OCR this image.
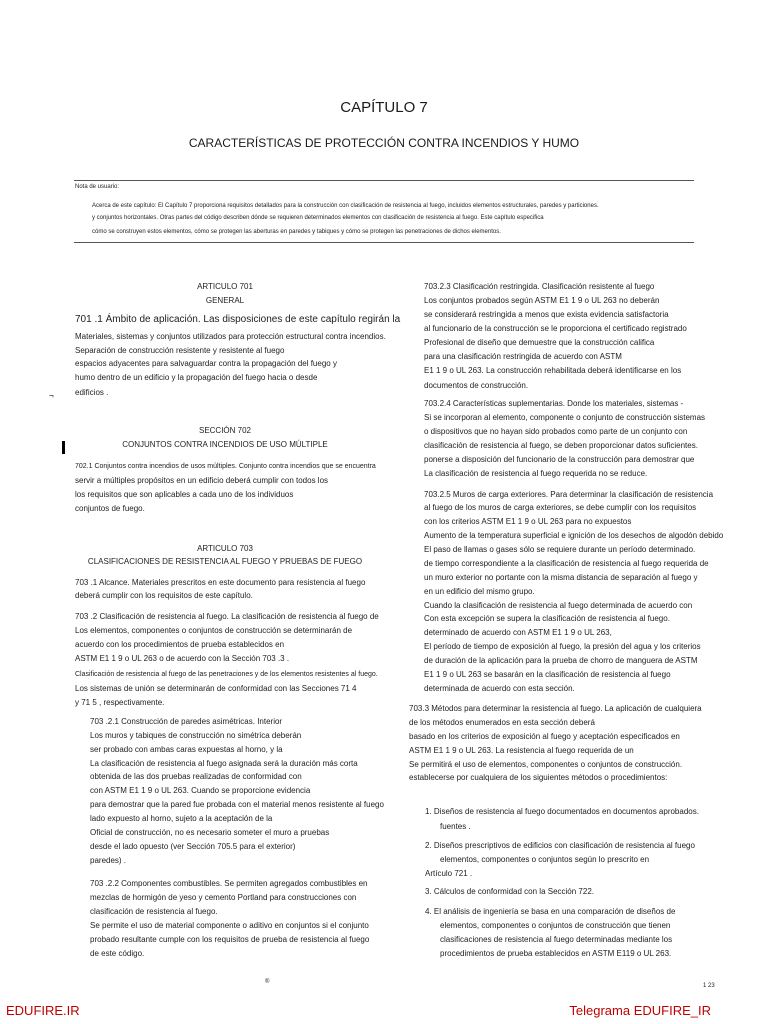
CAPÍTULO 7
CARACTERÍSTICAS DE PROTECCIÓN CONTRA INCENDIOS Y HUMO
Nota de usuario:
Acerca de este capítulo: El Capítulo 7 proporciona requisitos detallados para la construcción con clasificación de resistencia al fuego, incluidos elementos estructurales, paredes y particiones.
y conjuntos horizontales. Otras partes del código describen dónde se requieren determinados elementos con clasificación de resistencia al fuego. Este capítulo especifica
cómo se construyen estos elementos, cómo se protegen las aberturas en paredes y tabiques y cómo se protegen las penetraciones de dichos elementos.
¬
ARTICULO 701
GENERAL
701 .1 Ámbito de aplicación. Las disposiciones de este capítulo regirán la
Materiales, sistemas y conjuntos utilizados para protección estructural contra incendios.
Separación de construcción resistente y resistente al fuego
espacios adyacentes para salvaguardar contra la propagación del fuego y
humo dentro de un edificio y la propagación del fuego hacia o desde
edificios .
SECCIÓN 702
CONJUNTOS CONTRA INCENDIOS DE USO MÚLTIPLE
702.1 Conjuntos contra incendios de usos múltiples. Conjunto contra incendios que se encuentra
servir a múltiples propósitos en un edificio deberá cumplir con todos los
los requisitos que son aplicables a cada uno de los individuos
conjuntos de fuego.
ARTICULO 703
CLASIFICACIONES DE RESISTENCIA AL FUEGO Y PRUEBAS DE FUEGO
703 .1 Alcance. Materiales prescritos en este documento para resistencia al fuego
deberá cumplir con los requisitos de este capítulo.
703 .2 Clasificación de resistencia al fuego. La clasificación de resistencia al fuego de
Los elementos, componentes o conjuntos de construcción se determinarán de
acuerdo con los procedimientos de prueba establecidos en
ASTM E1 1 9 o UL 263 o de acuerdo con la Sección 703 .3 .
Clasificación de resistencia al fuego de las penetraciones y de los elementos resistentes al fuego.
Los sistemas de unión se determinarán de conformidad con las Secciones 71 4
y 71 5 , respectivamente.
703 .2.1 Construcción de paredes asimétricas. Interior
Los muros y tabiques de construcción no simétrica deberán
ser probado con ambas caras expuestas al horno, y la
La clasificación de resistencia al fuego asignada será la duración más corta
obtenida de las dos pruebas realizadas de conformidad con
con ASTM E1 1 9 o UL 263. Cuando se proporcione evidencia
para demostrar que la pared fue probada con el material menos resistente al fuego
lado expuesto al horno, sujeto a la aceptación de la
Oficial de construcción, no es necesario someter el muro a pruebas
desde el lado opuesto (ver Sección 705.5 para el exterior)
paredes) .
703 .2.2 Componentes combustibles. Se permiten agregados combustibles en
mezclas de hormigón de yeso y cemento Portland para construcciones con
clasificación de resistencia al fuego.
Se permite el uso de material componente o aditivo en conjuntos si el conjunto
probado resultante cumple con los requisitos de prueba de resistencia al fuego
de este código.
703.2.3 Clasificación restringida. Clasificación resistente al fuego
Los conjuntos probados según ASTM E1 1 9 o UL 263 no deberán
se considerará restringida a menos que exista evidencia satisfactoria
al funcionario de la construcción se le proporciona el certificado registrado
Profesional de diseño que demuestre que la construcción califica
para una clasificación restringida de acuerdo con ASTM
E1 1 9 o UL 263. La construcción rehabilitada deberá identificarse en los
documentos de construcción.
703.2.4 Características suplementarias. Donde los materiales, sistemas -
Si se incorporan al elemento, componente o conjunto de construcción sistemas
o dispositivos que no hayan sido probados como parte de un conjunto con
clasificación de resistencia al fuego, se deben proporcionar datos suficientes.
ponerse a disposición del funcionario de la construcción para demostrar que
La clasificación de resistencia al fuego requerida no se reduce.
703.2.5 Muros de carga exteriores. Para determinar la clasificación de resistencia
al fuego de los muros de carga exteriores, se debe cumplir con los requisitos
con los criterios ASTM E1 1 9 o UL 263 para no expuestos
Aumento de la temperatura superficial e ignición de los desechos de algodón debido
El paso de llamas o gases sólo se requiere durante un período determinado.
de tiempo correspondiente a la clasificación de resistencia al fuego requerida de
un muro exterior no portante con la misma distancia de separación al fuego y
en un edificio del mismo grupo.
Cuando la clasificación de resistencia al fuego determinada de acuerdo con
Con esta excepción se supera la clasificación de resistencia al fuego.
determinado de acuerdo con ASTM E1 1 9 o UL 263,
El período de tiempo de exposición al fuego, la presión del agua y los criterios
de duración de la aplicación para la prueba de chorro de manguera de ASTM
E1 1 9 o UL 263 se basarán en la clasificación de resistencia al fuego
determinada de acuerdo con esta sección.
703.3 Métodos para determinar la resistencia al fuego. La aplicación de cualquiera
de los métodos enumerados en esta sección deberá
basado en los criterios de exposición al fuego y aceptación especificados en
ASTM E1 1 9 o UL 263. La resistencia al fuego requerida de un
Se permitirá el uso de elementos, componentes o conjuntos de construcción.
establecerse por cualquiera de los siguientes métodos o procedimientos:
1. Diseños de resistencia al fuego documentados en documentos aprobados.
fuentes .
2. Diseños prescriptivos de edificios con clasificación de resistencia al fuego
elementos, componentes o conjuntos según lo prescrito en
Artículo 721 .
3. Cálculos de conformidad con la Sección 722.
4. El análisis de ingeniería se basa en una comparación de diseños de
elementos, componentes o conjuntos de construcción que tienen
clasificaciones de resistencia al fuego determinadas mediante los
procedimientos de prueba establecidos en ASTM E119 o UL 263.
®
1 23
EDUFIRE.IR	Telegrama EDUFIRE_IR
